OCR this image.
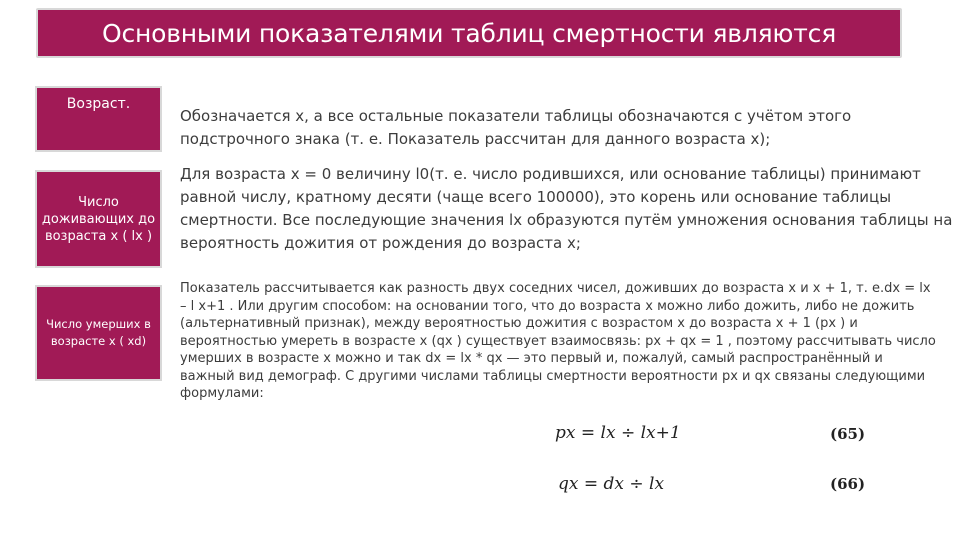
Основными показателями таблиц смертности являются
Возраст.
Обозначается x, а все остальные показатели таблицы обозначаются с учётом этого подстрочного знака (т. е. Показатель рассчитан для данного возраста x);
Число доживающих до возраста x ( lx )
Для возраста x = 0 величину l0(т. е. число родившихся, или основание таблицы) принимают равной числу, кратному десяти (чаще всего 100000), это корень или основание таблицы смертности. Все последующие значения lx образуются путём умножения основания таблицы на вероятность дожития от рождения до возраста x;
Число умерших в возрасте x ( xd)
Показатель рассчитывается как разность двух соседних чисел, доживших до возраста x и x + 1, т. е.dx = lx – l x+1 . Или другим способом: на основании того, что до возраста x можно либо дожить, либо не дожить (альтернативный признак), между вероятностью дожития с возрастом x до возраста x + 1 (px ) и вероятностью умереть в возрасте x (qx ) существует взаимосвязь: px + qx = 1 , поэтому рассчитывать число умерших в возрасте x можно и так dx = lx * qx — это первый и, пожалуй, самый распространённый и важный вид демограф. С другими числами таблицы смертности вероятности px и qx связаны следующими формулами:
px = lx ÷ lx+1	(65)
qx = dx ÷ lx	(66)
